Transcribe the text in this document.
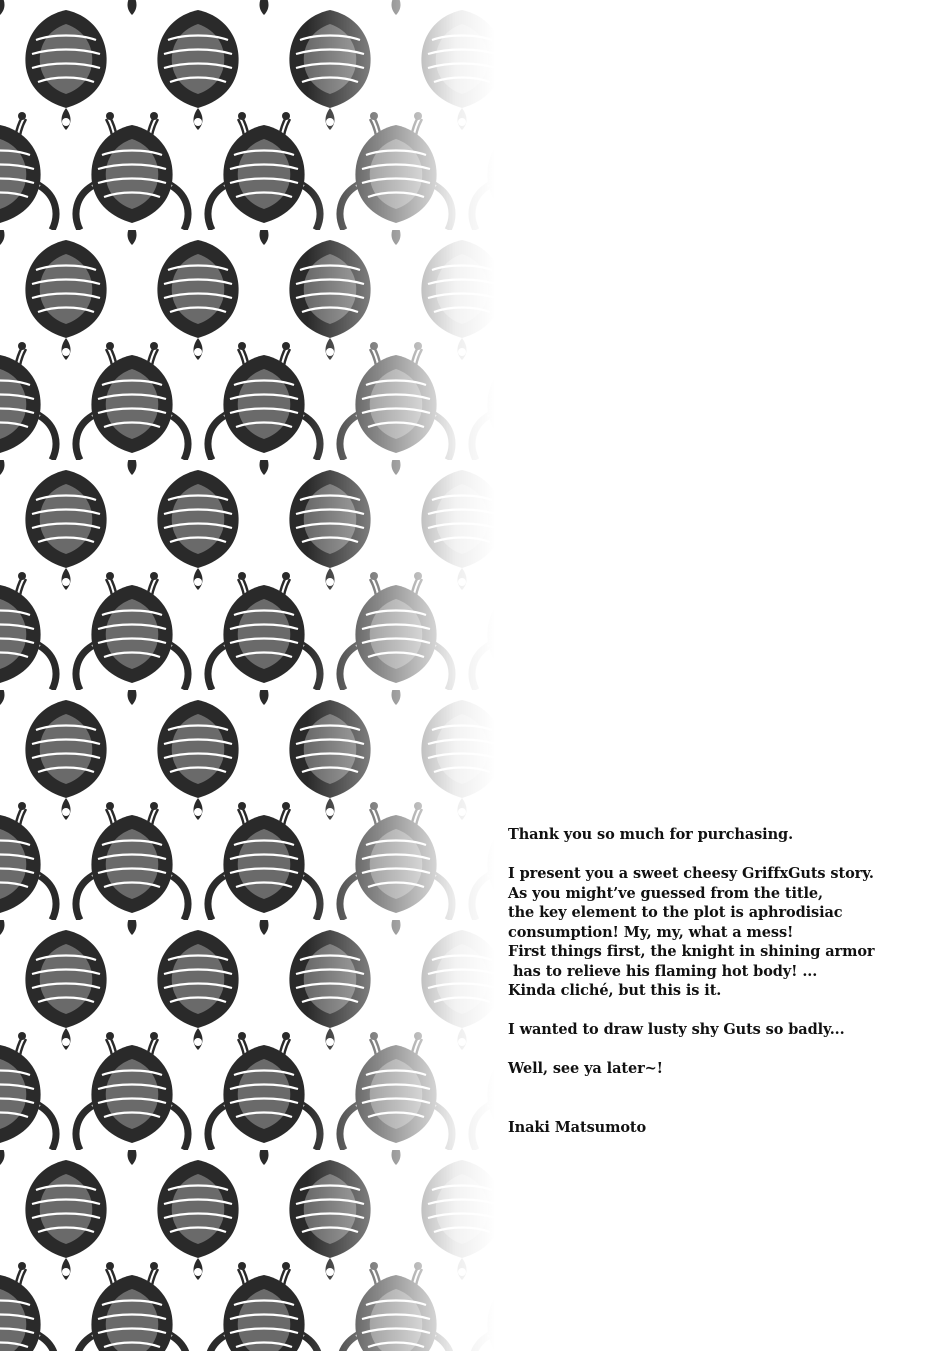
Thank you so much for purchasing.

I present you a sweet cheesy GriffxGuts story.

As you might’ve guessed from the title,

the key element to the plot is aphrodisiac

consumption! My, my, what a mess!

First things first, the knight in shining armor

has to relieve his flaming hot body! ...

Kinda cliché, but this is it.

I wanted to draw lusty shy Guts so badly...

Well, see ya later~!

Inaki Matsumoto
